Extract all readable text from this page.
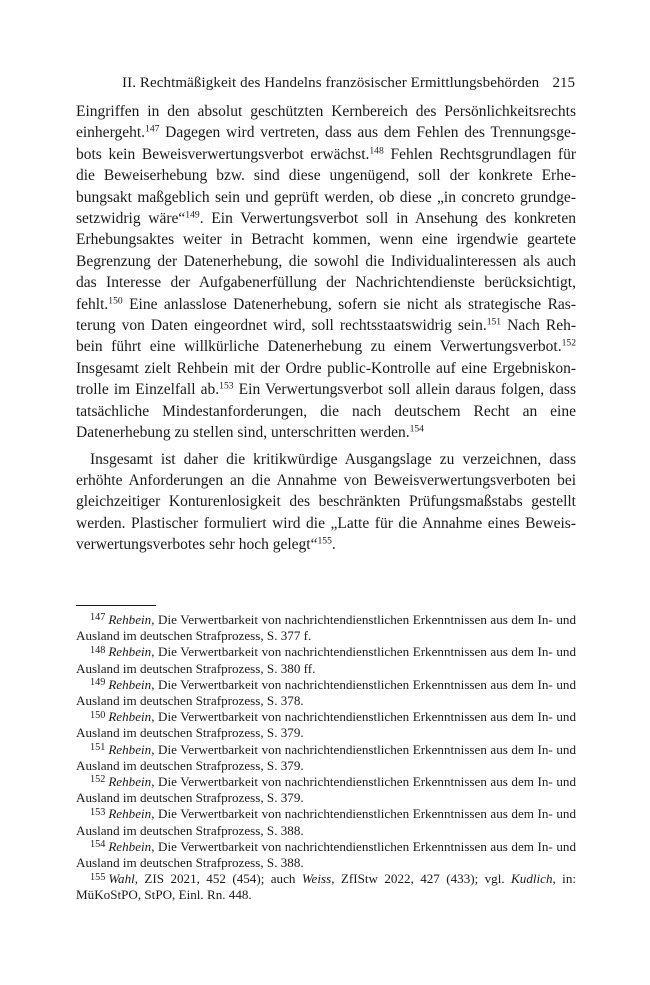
II. Rechtmäßigkeit des Handelns französischer Ermittlungsbehörden 215

Eingriffen in den absolut geschützten Kernbereich des Persönlichkeitsrechts einhergeht.$^{147}$ Dagegen wird vertreten, dass aus dem Fehlen des Trennungsgebots kein Beweisverwertungsverbot erwächst.$^{148}$ Fehlen Rechtsgrundlagen für die Beweiserhebung bzw. sind diese ungenügend, soll der konkrete Erhebungsakt maßgeblich sein und geprüft werden, ob diese „in concreto grundgesetzwidrig wäre“$^{149}$. Ein Verwertungsverbot soll in Ansehung des konkreten Erhebungsaktes weiter in Betracht kommen, wenn eine irgendwie geartete Begrenzung der Datenerhebung, die sowohl die Individualinteressen als auch das Interesse der Aufgabenerfüllung der Nachrichtendienste berücksichtigt, fehlt.$^{150}$ Eine anlasslose Datenerhebung, sofern sie nicht als strategische Rasterung von Daten eingeordnet wird, soll rechtsstaatswidrig sein.$^{151}$ Nach Rehbein führt eine willkürliche Datenerhebung zu einem Verwertungsverbot.$^{152}$ Insgesamt zielt Rehbein mit der Ordre public-Kontrolle auf eine Ergebniskontrolle im Einzelfall ab.$^{153}$ Ein Verwertungsverbot soll allein daraus folgen, dass tatsächliche Mindestanforderungen, die nach deutschem Recht an eine Datenerhebung zu stellen sind, unterschritten werden.$^{154}$

Insgesamt ist daher die kritikwürdige Ausgangslage zu verzeichnen, dass erhöhte Anforderungen an die Annahme von Beweisverwertungsverboten bei gleichzeitiger Konturenlosigkeit des beschränkten Prüfungsmaßstabs gestellt werden. Plastischer formuliert wird die „Latte für die Annahme eines Beweisverwertungsverbotes sehr hoch gelegt“$^{155}$.

$^{147}$ Rehbein, Die Verwertbarkeit von nachrichtendienstlichen Erkenntnissen aus dem In- und Ausland im deutschen Strafprozess, S. 377 f.

$^{148}$ Rehbein, Die Verwertbarkeit von nachrichtendienstlichen Erkenntnissen aus dem In- und Ausland im deutschen Strafprozess, S. 380 ff.

$^{149}$ Rehbein, Die Verwertbarkeit von nachrichtendienstlichen Erkenntnissen aus dem In- und Ausland im deutschen Strafprozess, S. 378.

$^{150}$ Rehbein, Die Verwertbarkeit von nachrichtendienstlichen Erkenntnissen aus dem In- und Ausland im deutschen Strafprozess, S. 379.

$^{151}$ Rehbein, Die Verwertbarkeit von nachrichtendienstlichen Erkenntnissen aus dem In- und Ausland im deutschen Strafprozess, S. 379.

$^{152}$ Rehbein, Die Verwertbarkeit von nachrichtendienstlichen Erkenntnissen aus dem In- und Ausland im deutschen Strafprozess, S. 379.

$^{153}$ Rehbein, Die Verwertbarkeit von nachrichtendienstlichen Erkenntnissen aus dem In- und Ausland im deutschen Strafprozess, S. 388.

$^{154}$ Rehbein, Die Verwertbarkeit von nachrichtendienstlichen Erkenntnissen aus dem In- und Ausland im deutschen Strafprozess, S. 388.

$^{155}$ Wahl, ZIS 2021, 452 (454); auch Weiss, ZfIStw 2022, 427 (433); vgl. Kudlich, in: MüKoStPO, StPO, Einl. Rn. 448.
